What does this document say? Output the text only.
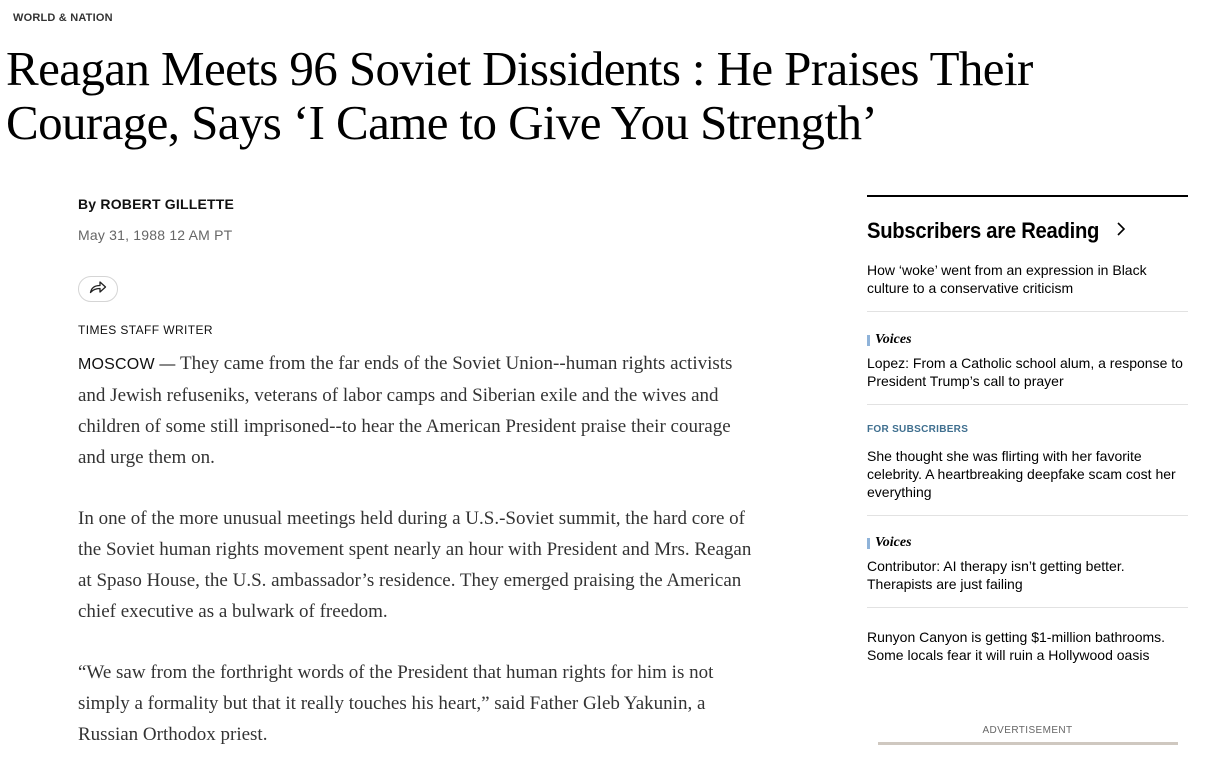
WORLD & NATION
Reagan Meets 96 Soviet Dissidents : He Praises Their Courage, Says ‘I Came to Give You Strength’
By ROBERT GILLETTE
May 31, 1988 12 AM PT
TIMES STAFF WRITER

MOSCOW — They came from the far ends of the Soviet Union--human rights activists and Jewish refuseniks, veterans of labor camps and Siberian exile and the wives and children of some still imprisoned--to hear the American President praise their courage and urge them on.

In one of the more unusual meetings held during a U.S.-Soviet summit, the hard core of the Soviet human rights movement spent nearly an hour with President and Mrs. Reagan at Spaso House, the U.S. ambassador’s residence. They emerged praising the American chief executive as a bulwark of freedom.

“We saw from the forthright words of the President that human rights for him is not simply a formality but that it really touches his heart,” said Father Gleb Yakunin, a Russian Orthodox priest.

Subscribers are Reading
How ‘woke’ went from an expression in Black culture to a conservative criticism
Voices
Lopez: From a Catholic school alum, a response to President Trump’s call to prayer
FOR SUBSCRIBERS
She thought she was flirting with her favorite celebrity. A heartbreaking deepfake scam cost her everything
Voices
Contributor: AI therapy isn’t getting better. Therapists are just failing
Runyon Canyon is getting $1-million bathrooms. Some locals fear it will ruin a Hollywood oasis
ADVERTISEMENT
